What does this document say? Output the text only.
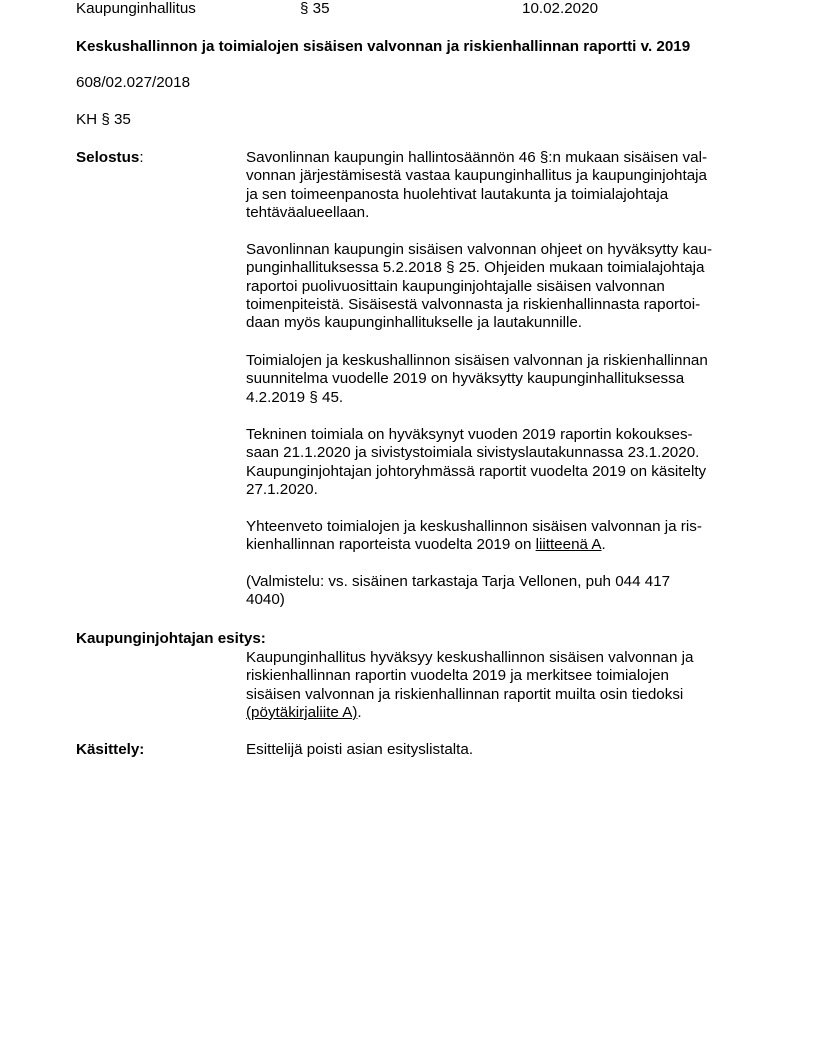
Kaupunginhallitus	§ 35	10.02.2020
Keskushallinnon ja toimialojen sisäisen valvonnan ja riskienhallinnan raportti v. 2019
608/02.027/2018
KH § 35
Selostus:	Savonlinnan kaupungin hallintosäännön 46 §:n mukaan sisäisen val-
vonnan järjestämisestä vastaa kaupunginhallitus ja kaupunginjohtaja
ja sen toimeenpanosta huolehtivat lautakunta ja toimialajohtaja
tehtäväalueellaan.
Savonlinnan kaupungin sisäisen valvonnan ohjeet on hyväksytty kau-
punginhallituksessa 5.2.2018 § 25. Ohjeiden mukaan toimialajohtaja
raportoi puolivuosittain kaupunginjohtajalle sisäisen valvonnan
toimenpiteistä. Sisäisestä valvonnasta ja riskienhallinnasta raportoi-
daan myös kaupunginhallitukselle ja lautakunnille.
Toimialojen ja keskushallinnon sisäisen valvonnan ja riskienhallinnan
suunnitelma vuodelle 2019 on hyväksytty kaupunginhallituksessa
4.2.2019 § 45.
Tekninen toimiala on hyväksynyt vuoden 2019 raportin kokoukses-
saan 21.1.2020 ja sivistystoimiala sivistyslautakunnassa 23.1.2020.
Kaupunginjohtajan johtoryhmässä raportit vuodelta 2019 on käsitelty
27.1.2020.
Yhteenveto toimialojen ja keskushallinnon sisäisen valvonnan ja ris-
kienhallinnan raporteista vuodelta 2019 on liitteenä A.
(Valmistelu: vs. sisäinen tarkastaja Tarja Vellonen, puh 044 417
4040)
Kaupunginjohtajan esitys:
Kaupunginhallitus hyväksyy keskushallinnon sisäisen valvonnan ja
riskienhallinnan raportin vuodelta 2019 ja merkitsee toimialojen
sisäisen valvonnan ja riskienhallinnan raportit muilta osin tiedoksi
(pöytäkirjaliite A).
Käsittely:	Esittelijä poisti asian esityslistalta.
